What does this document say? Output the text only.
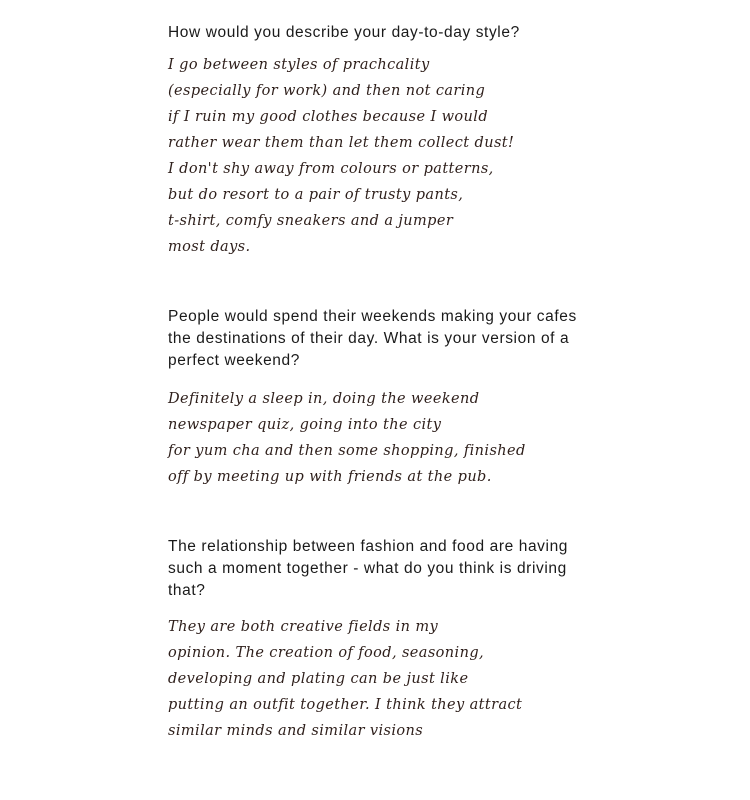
How would you describe your day-to-day style?

I go between styles of prachcality
(especially for work) and then not caring
if I ruin my good clothes because I would
rather wear them than let them collect dust!
I don't shy away from colours or patterns,
but do resort to a pair of trusty pants,
t-shirt, comfy sneakers and a jumper
most days.

People would spend their weekends making your cafes the destinations of their day. What is your version of a perfect weekend?

Definitely a sleep in, doing the weekend
newspaper quiz, going into the city
for yum cha and then some shopping, finished
off by meeting up with friends at the pub.

The relationship between fashion and food are having such a moment together - what do you think is driving that?

They are both creative fields in my
opinion. The creation of food, seasoning,
developing and plating can be just like
putting an outfit together. I think they attract
similar minds and similar visions
